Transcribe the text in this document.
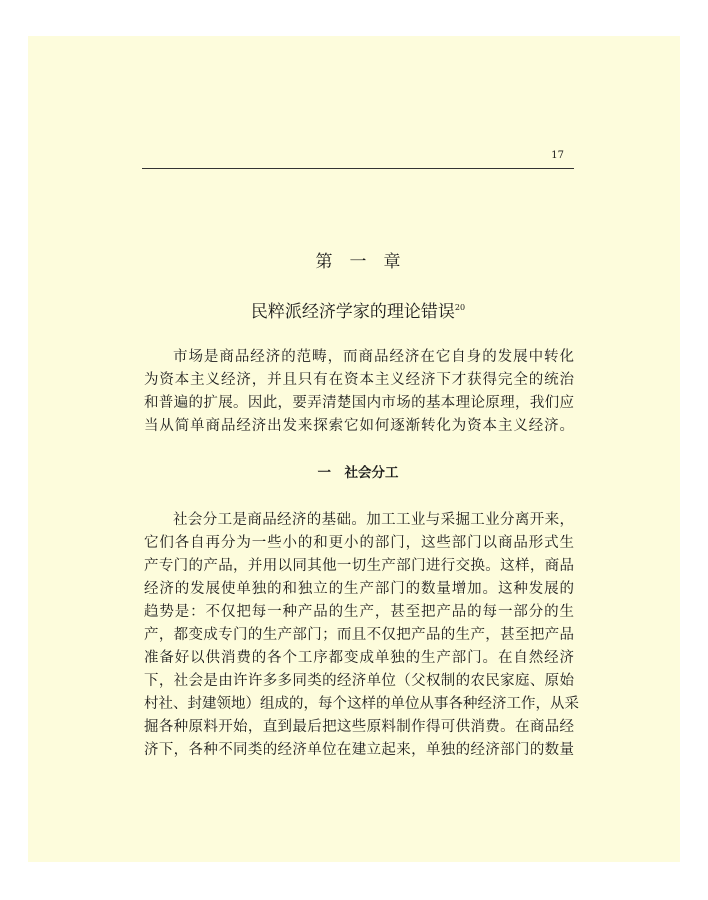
17
第　一　章
民粹派经济学家的理论错误$^{20}$
市场是商品经济的范畴，而商品经济在它自身的发展中转化
为资本主义经济，并且只有在资本主义经济下才获得完全的统治
和普遍的扩展。因此，要弄清楚国内市场的基本理论原理，我们应
当从简单商品经济出发来探索它如何逐渐转化为资本主义经济。
一　社会分工
社会分工是商品经济的基础。加工工业与采掘工业分离开来，
它们各自再分为一些小的和更小的部门，这些部门以商品形式生
产专门的产品，并用以同其他一切生产部门进行交换。这样，商品
经济的发展使单独的和独立的生产部门的数量增加。这种发展的
趋势是：不仅把每一种产品的生产，甚至把产品的每一部分的生
产，都变成专门的生产部门；而且不仅把产品的生产，甚至把产品
准备好以供消费的各个工序都变成单独的生产部门。在自然经济
下，社会是由许许多多同类的经济单位（父权制的农民家庭、原始
村社、封建领地）组成的，每个这样的单位从事各种经济工作，从采
掘各种原料开始，直到最后把这些原料制作得可供消费。在商品经
济下，各种不同类的经济单位在建立起来，单独的经济部门的数量
